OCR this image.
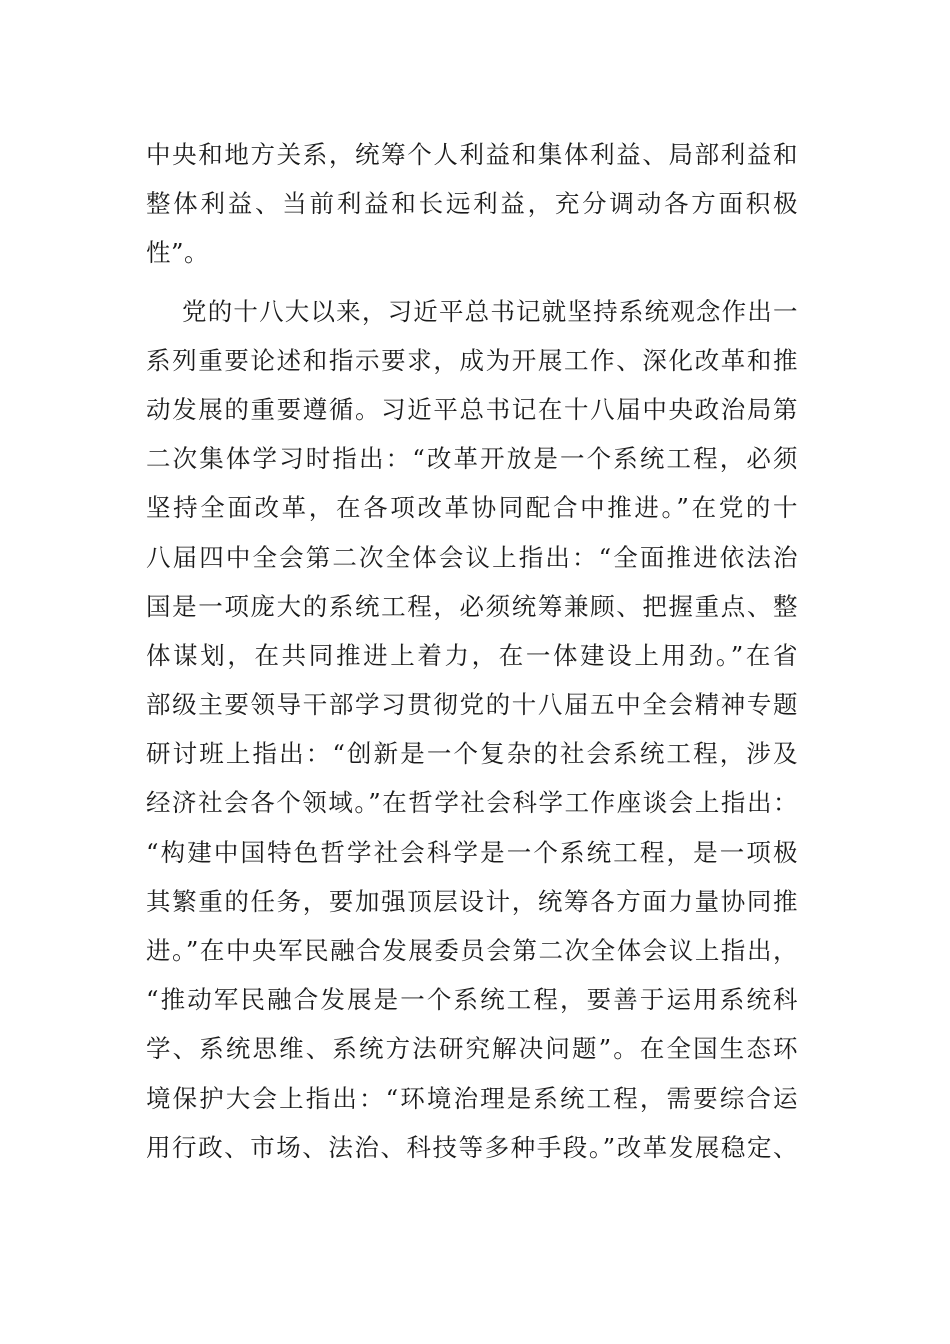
中央和地方关系，统筹个人利益和集体利益、局部利益和
整体利益、当前利益和长远利益，充分调动各方面积极
性”。
党的十八大以来，习近平总书记就坚持系统观念作出一
系列重要论述和指示要求，成为开展工作、深化改革和推
动发展的重要遵循。习近平总书记在十八届中央政治局第
二次集体学习时指出：“改革开放是一个系统工程，必须
坚持全面改革，在各项改革协同配合中推进。”在党的十
八届四中全会第二次全体会议上指出：“全面推进依法治
国是一项庞大的系统工程，必须统筹兼顾、把握重点、整
体谋划，在共同推进上着力，在一体建设上用劲。”在省
部级主要领导干部学习贯彻党的十八届五中全会精神专题
研讨班上指出：“创新是一个复杂的社会系统工程，涉及
经济社会各个领域。”在哲学社会科学工作座谈会上指出：
“构建中国特色哲学社会科学是一个系统工程，是一项极
其繁重的任务，要加强顶层设计，统筹各方面力量协同推
进。”在中央军民融合发展委员会第二次全体会议上指出，
“推动军民融合发展是一个系统工程，要善于运用系统科
学、系统思维、系统方法研究解决问题”。在全国生态环
境保护大会上指出：“环境治理是系统工程，需要综合运
用行政、市场、法治、科技等多种手段。”改革发展稳定、
